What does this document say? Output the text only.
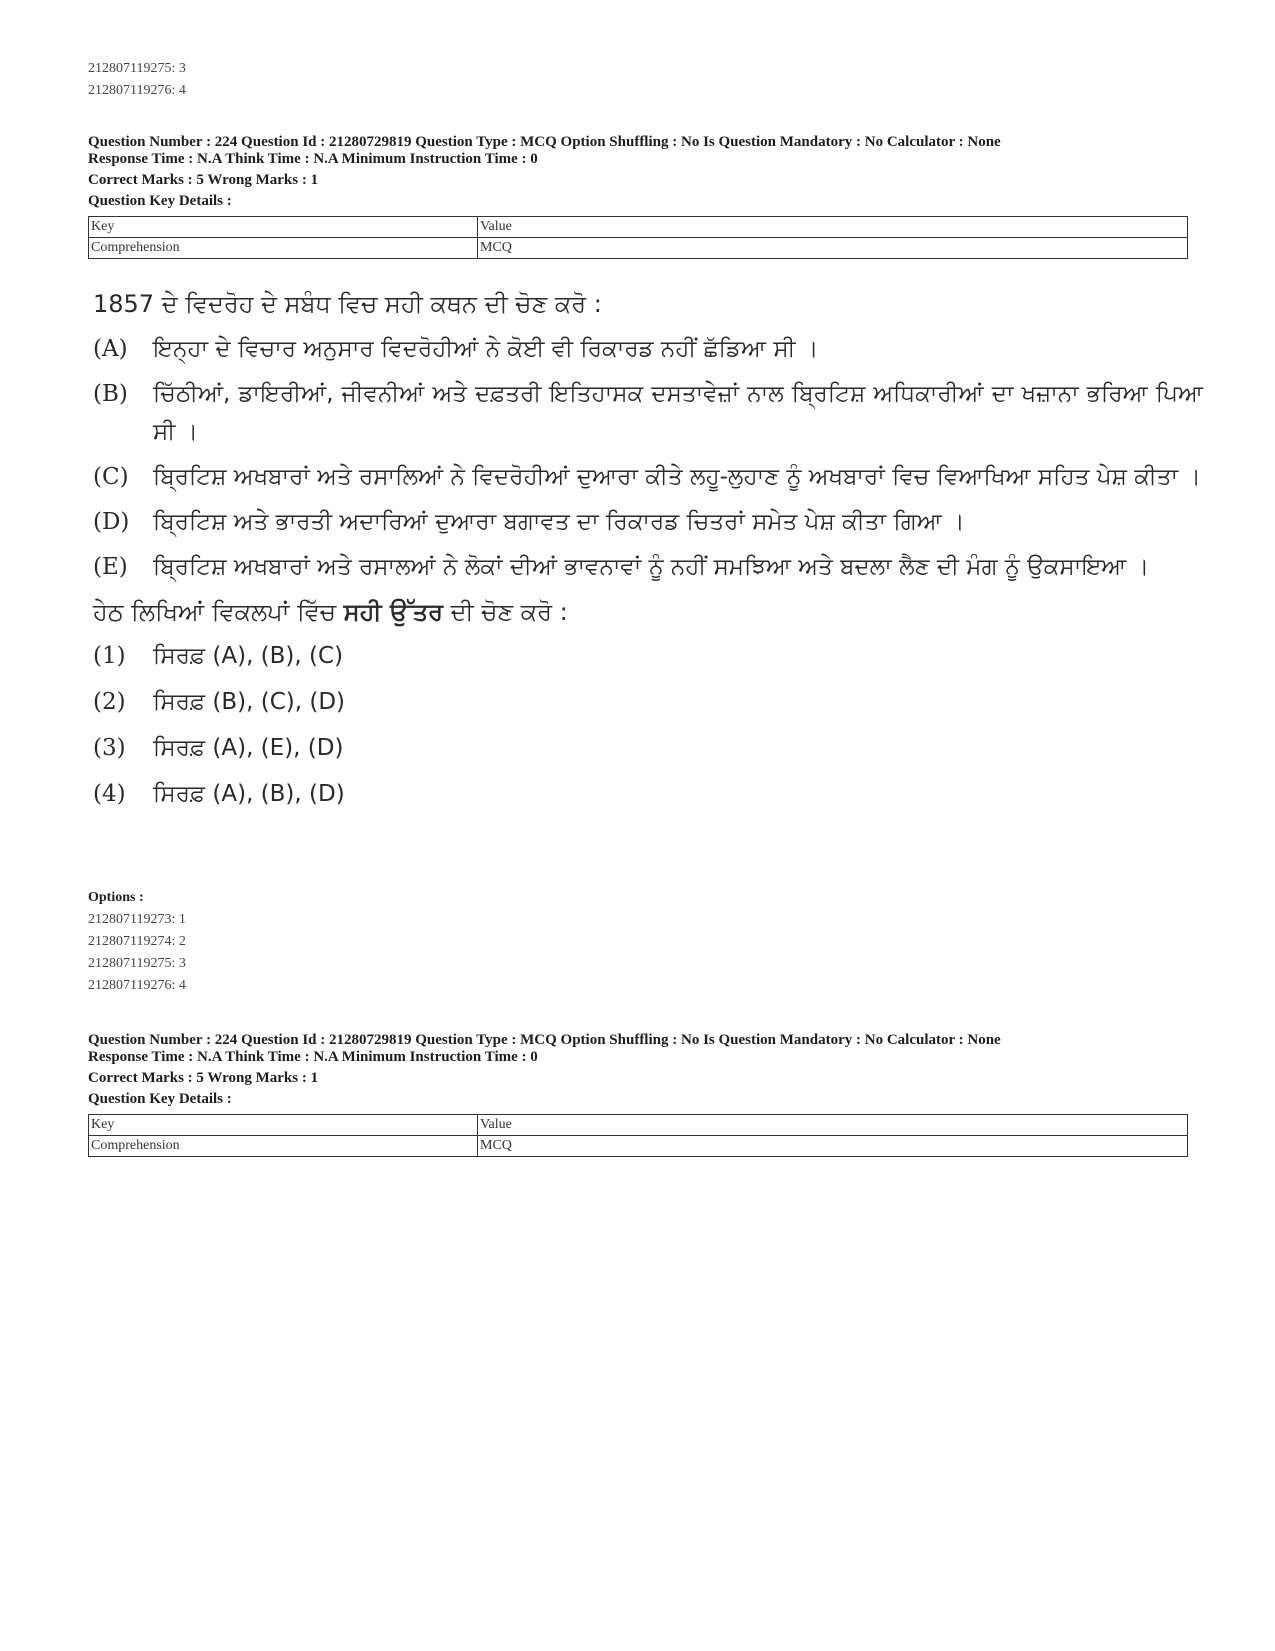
212807119275: 3
212807119276: 4
Question Number : 224 Question Id : 21280729819 Question Type : MCQ Option Shuffling : No Is Question Mandatory : No Calculator : None
Response Time : N.A Think Time : N.A Minimum Instruction Time : 0
Correct Marks : 5 Wrong Marks : 1
Question Key Details :
Key	Value
Comprehension	MCQ
1857 ਦੇ ਵਿਦਰੋਹ ਦੇ ਸਬੰਧ ਵਿਚ ਸਹੀ ਕਥਨ ਦੀ ਚੋਣ ਕਰੋ :
(A)	ਇਨ੍ਹਾ ਦੇ ਵਿਚਾਰ ਅਨੁਸਾਰ ਵਿਦਰੋਹੀਆਂ ਨੇ ਕੋਈ ਵੀ ਰਿਕਾਰਡ ਨਹੀਂ ਛੱਡਿਆ ਸੀ ।
(B)	ਚਿੱਠੀਆਂ, ਡਾਇਰੀਆਂ, ਜੀਵਨੀਆਂ ਅਤੇ ਦਫ਼ਤਰੀ ਇਤਿਹਾਸਕ ਦਸਤਾਵੇਜ਼ਾਂ ਨਾਲ ਬ੍ਰਿਟਿਸ਼ ਅਧਿਕਾਰੀਆਂ ਦਾ ਖਜ਼ਾਨਾ ਭਰਿਆ ਪਿਆ ਸੀ ।
(C)	ਬ੍ਰਿਟਿਸ਼ ਅਖਬਾਰਾਂ ਅਤੇ ਰਸਾਲਿਆਂ ਨੇ ਵਿਦਰੋਹੀਆਂ ਦੁਆਰਾ ਕੀਤੇ ਲਹੂ-ਲੁਹਾਣ ਨੂੰ ਅਖਬਾਰਾਂ ਵਿਚ ਵਿਆਖਿਆ ਸਹਿਤ ਪੇਸ਼ ਕੀਤਾ ।
(D)	ਬ੍ਰਿਟਿਸ਼ ਅਤੇ ਭਾਰਤੀ ਅਦਾਰਿਆਂ ਦੁਆਰਾ ਬਗਾਵਤ ਦਾ ਰਿਕਾਰਡ ਚਿਤਰਾਂ ਸਮੇਤ ਪੇਸ਼ ਕੀਤਾ ਗਿਆ ।
(E)	ਬ੍ਰਿਟਿਸ਼ ਅਖਬਾਰਾਂ ਅਤੇ ਰਸਾਲਆਂ ਨੇ ਲੋਕਾਂ ਦੀਆਂ ਭਾਵਨਾਵਾਂ ਨੂੰ ਨਹੀਂ ਸਮਝਿਆ ਅਤੇ ਬਦਲਾ ਲੈਣ ਦੀ ਮੰਗ ਨੂੰ ਉਕਸਾਇਆ ।
ਹੇਠ ਲਿਖਿਆਂ ਵਿਕਲਪਾਂ ਵਿੱਚ ਸਹੀ ਉੱਤਰ ਦੀ ਚੋਣ ਕਰੋ :
(1)	ਸਿਰਫ਼ (A), (B), (C)
(2)	ਸਿਰਫ਼ (B), (C), (D)
(3)	ਸਿਰਫ਼ (A), (E), (D)
(4)	ਸਿਰਫ਼ (A), (B), (D)
Options :
212807119273: 1
212807119274: 2
212807119275: 3
212807119276: 4
Question Number : 224 Question Id : 21280729819 Question Type : MCQ Option Shuffling : No Is Question Mandatory : No Calculator : None
Response Time : N.A Think Time : N.A Minimum Instruction Time : 0
Correct Marks : 5 Wrong Marks : 1
Question Key Details :
Key	Value
Comprehension	MCQ
